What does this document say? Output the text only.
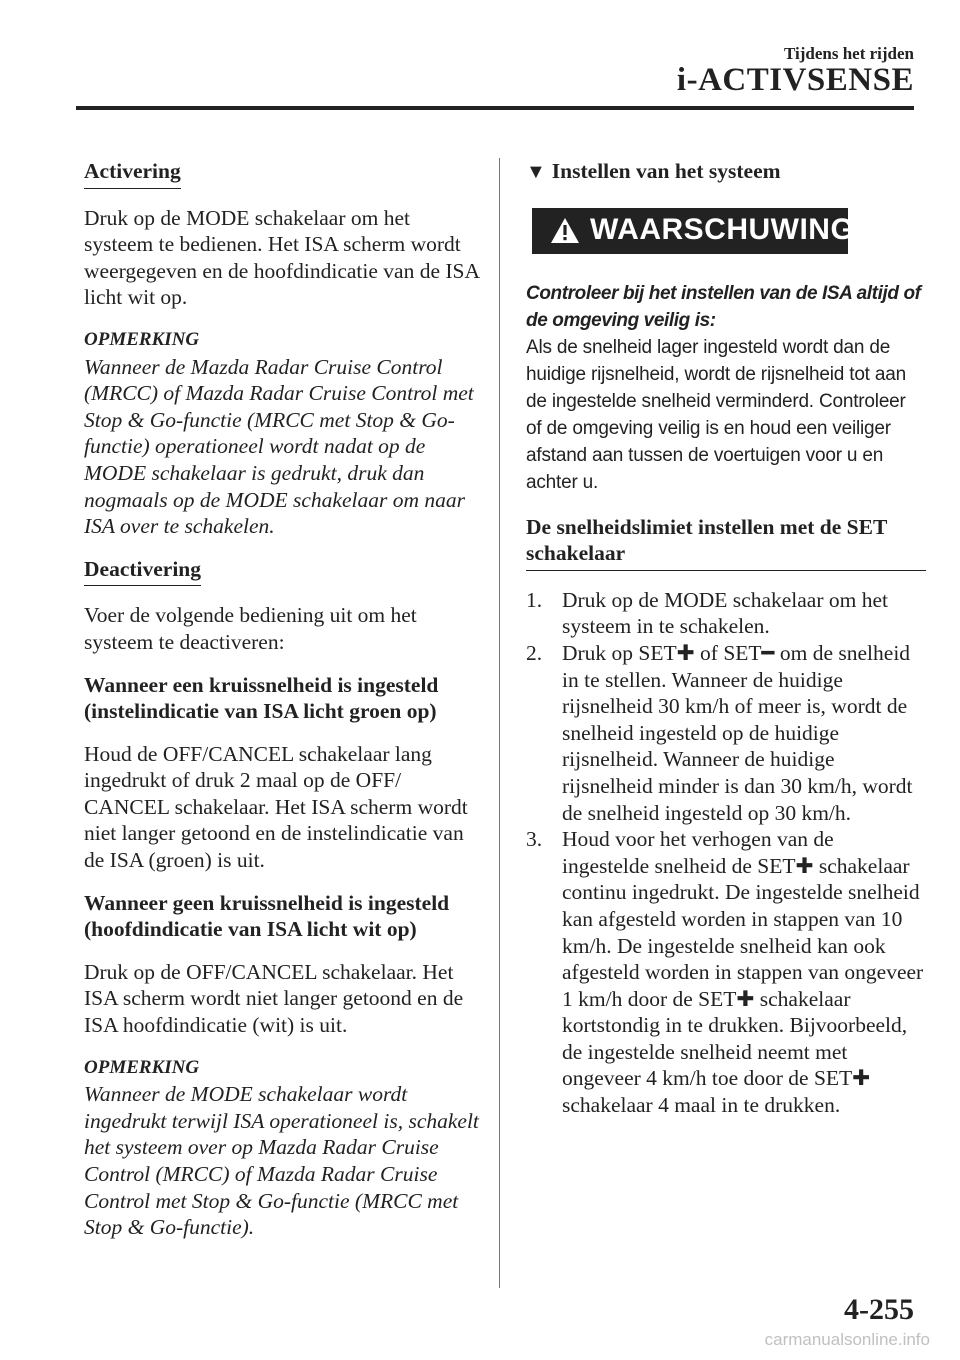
Tijdens het rijden
i-ACTIVSENSE
Activering

Druk op de MODE schakelaar om het systeem te bedienen. Het ISA scherm wordt weergegeven en de hoofdindicatie van de ISA licht wit op.

OPMERKING

Wanneer de Mazda Radar Cruise Control (MRCC) of Mazda Radar Cruise Control met Stop & Go-functie (MRCC met Stop & Go-functie) operationeel wordt nadat op de MODE schakelaar is gedrukt, druk dan nogmaals op de MODE schakelaar om naar ISA over te schakelen.

Deactivering

Voer de volgende bediening uit om het systeem te deactiveren:

Wanneer een kruissnelheid is ingesteld (instelindicatie van ISA licht groen op)

Houd de OFF/CANCEL schakelaar lang ingedrukt of druk 2 maal op de OFF/ CANCEL schakelaar. Het ISA scherm wordt niet langer getoond en de instelindicatie van de ISA (groen) is uit.

Wanneer geen kruissnelheid is ingesteld (hoofdindicatie van ISA licht wit op)

Druk op de OFF/CANCEL schakelaar. Het ISA scherm wordt niet langer getoond en de ISA hoofdindicatie (wit) is uit.

OPMERKING

Wanneer de MODE schakelaar wordt ingedrukt terwijl ISA operationeel is, schakelt het systeem over op Mazda Radar Cruise Control (MRCC) of Mazda Radar Cruise Control met Stop & Go-functie (MRCC met Stop & Go-functie).

▼ Instellen van het systeem
WAARSCHUWING

Controleer bij het instellen van de ISA altijd of de omgeving veilig is:

Als de snelheid lager ingesteld wordt dan de huidige rijsnelheid, wordt de rijsnelheid tot aan de ingestelde snelheid verminderd. Controleer of de omgeving veilig is en houd een veiliger afstand aan tussen de voertuigen voor u en achter u.

De snelheidslimiet instellen met de SET schakelaar
1. Druk op de MODE schakelaar om het systeem in te schakelen.
2. Druk op SET✚ of SET━ om de snelheid in te stellen. Wanneer de huidige rijsnelheid 30 km/h of meer is, wordt de snelheid ingesteld op de huidige rijsnelheid. Wanneer de huidige rijsnelheid minder is dan 30 km/h, wordt de snelheid ingesteld op 30 km/h.
3. Houd voor het verhogen van de ingestelde snelheid de SET✚ schakelaar continu ingedrukt. De ingestelde snelheid kan afgesteld worden in stappen van 10 km/h. De ingestelde snelheid kan ook afgesteld worden in stappen van ongeveer 1 km/h door de SET✚ schakelaar kortstondig in te drukken. Bijvoorbeeld, de ingestelde snelheid neemt met ongeveer 4 km/h toe door de SET✚ schakelaar 4 maal in te drukken.
4-255
carmanualsonline.info
